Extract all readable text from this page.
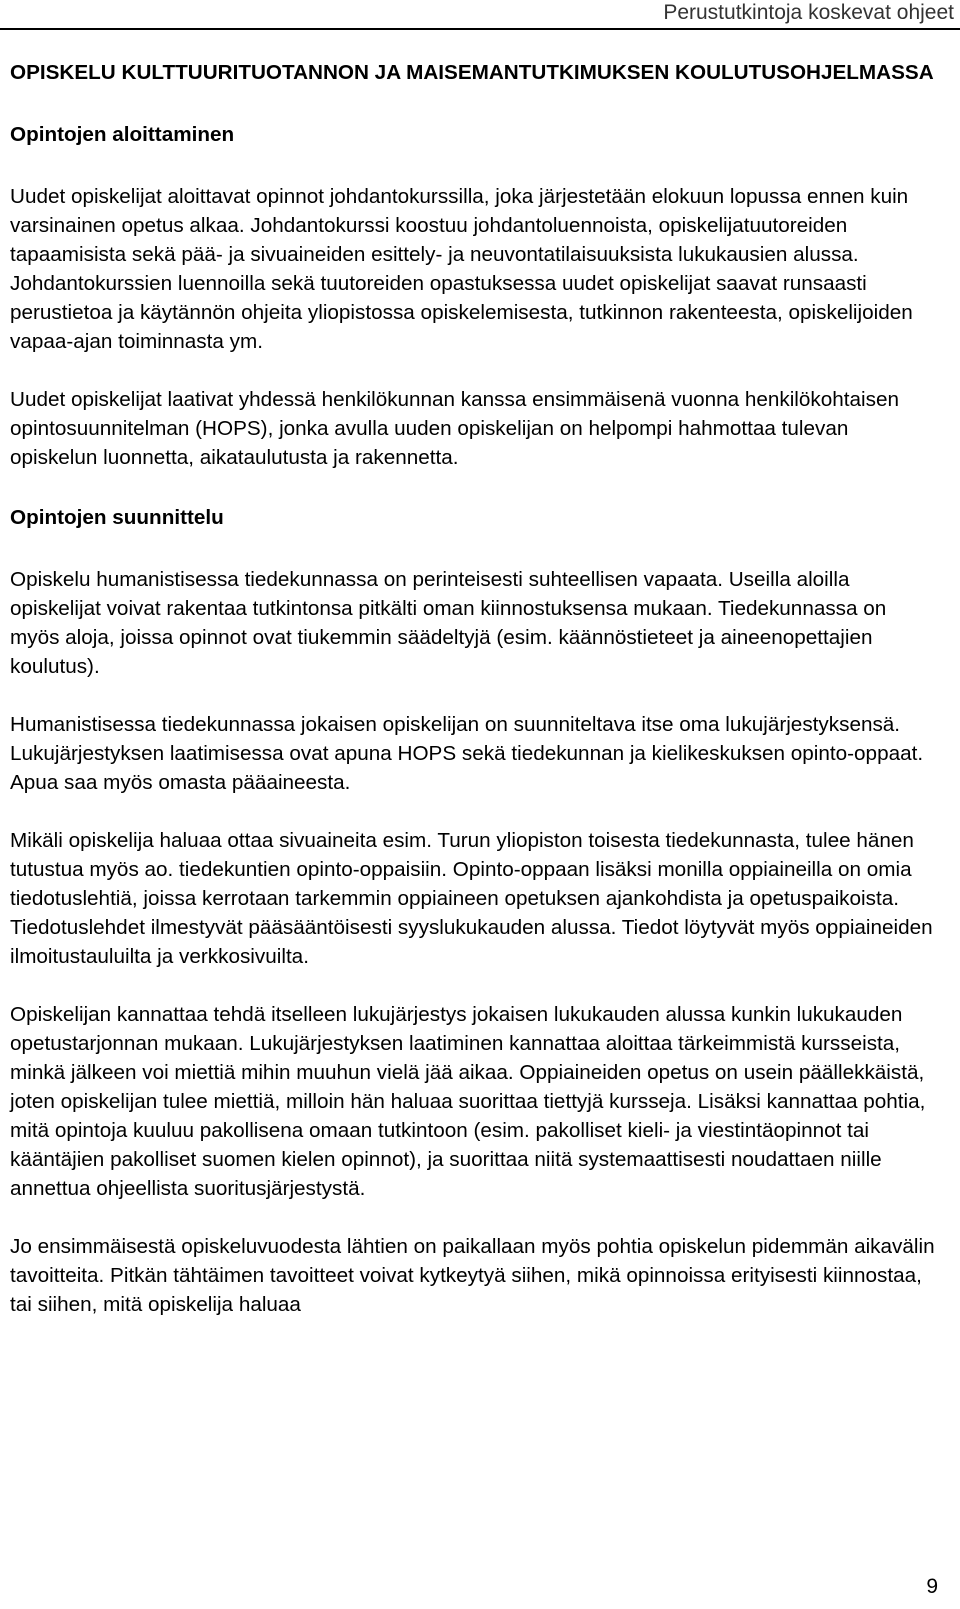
Perustutkintoja koskevat ohjeet
OPISKELU KULTTUURITUOTANNON JA MAISEMANTUTKIMUKSEN KOULUTUSOHJELMASSA
Opintojen aloittaminen

Uudet opiskelijat aloittavat opinnot johdantokurssilla, joka järjestetään elokuun lopussa ennen kuin varsinainen opetus alkaa. Johdantokurssi koostuu johdantoluennoista, opiskelijatuutoreiden tapaamisista sekä pää- ja sivuaineiden esittely- ja neuvontatilaisuuksista lukukausien alussa. Johdantokurssien luennoilla sekä tuutoreiden opastuksessa uudet opiskelijat saavat runsaasti perustietoa ja käytännön ohjeita yliopistossa opiskelemisesta, tutkinnon rakenteesta, opiskelijoiden vapaa-ajan toiminnasta ym.

Uudet opiskelijat laativat yhdessä henkilökunnan kanssa ensimmäisenä vuonna henkilökohtaisen opintosuunnitelman (HOPS), jonka avulla uuden opiskelijan on helpompi hahmottaa tulevan opiskelun luonnetta, aikataulutusta ja rakennetta.

Opintojen suunnittelu

Opiskelu humanistisessa tiedekunnassa on perinteisesti suhteellisen vapaata. Useilla aloilla opiskelijat voivat rakentaa tutkintonsa pitkälti oman kiinnostuksensa mukaan. Tiedekunnassa on myös aloja, joissa opinnot ovat tiukemmin säädeltyjä (esim. käännöstieteet ja aineenopettajien koulutus).

Humanistisessa tiedekunnassa jokaisen opiskelijan on suunniteltava itse oma lukujärjestyksensä. Lukujärjestyksen laatimisessa ovat apuna HOPS sekä tiedekunnan ja kielikeskuksen opinto-oppaat. Apua saa myös omasta pääaineesta.

Mikäli opiskelija haluaa ottaa sivuaineita esim. Turun yliopiston toisesta tiedekunnasta, tulee hänen tutustua myös ao. tiedekuntien opinto-oppaisiin. Opinto-oppaan lisäksi monilla oppiaineilla on omia tiedotuslehtiä, joissa kerrotaan tarkemmin oppiaineen opetuksen ajankohdista ja opetuspaikoista. Tiedotuslehdet ilmestyvät pääsääntöisesti syyslukukauden alussa. Tiedot löytyvät myös oppiaineiden ilmoitustauluilta ja verkkosivuilta.

Opiskelijan kannattaa tehdä itselleen lukujärjestys jokaisen lukukauden alussa kunkin lukukauden opetustarjonnan mukaan. Lukujärjestyksen laatiminen kannattaa aloittaa tärkeimmistä kursseista, minkä jälkeen voi miettiä mihin muuhun vielä jää aikaa. Oppiaineiden opetus on usein päällekkäistä, joten opiskelijan tulee miettiä, milloin hän haluaa suorittaa tiettyjä kursseja. Lisäksi kannattaa pohtia, mitä opintoja kuuluu pakollisena omaan tutkintoon (esim. pakolliset kieli- ja viestintäopinnot tai kääntäjien pakolliset suomen kielen opinnot), ja suorittaa niitä systemaattisesti noudattaen niille annettua ohjeellista suoritusjärjestystä.

Jo ensimmäisestä opiskeluvuodesta lähtien on paikallaan myös pohtia opiskelun pidemmän aikavälin tavoitteita. Pitkän tähtäimen tavoitteet voivat kytkeytyä siihen, mikä opinnoissa erityisesti kiinnostaa, tai siihen, mitä opiskelija haluaa

9
